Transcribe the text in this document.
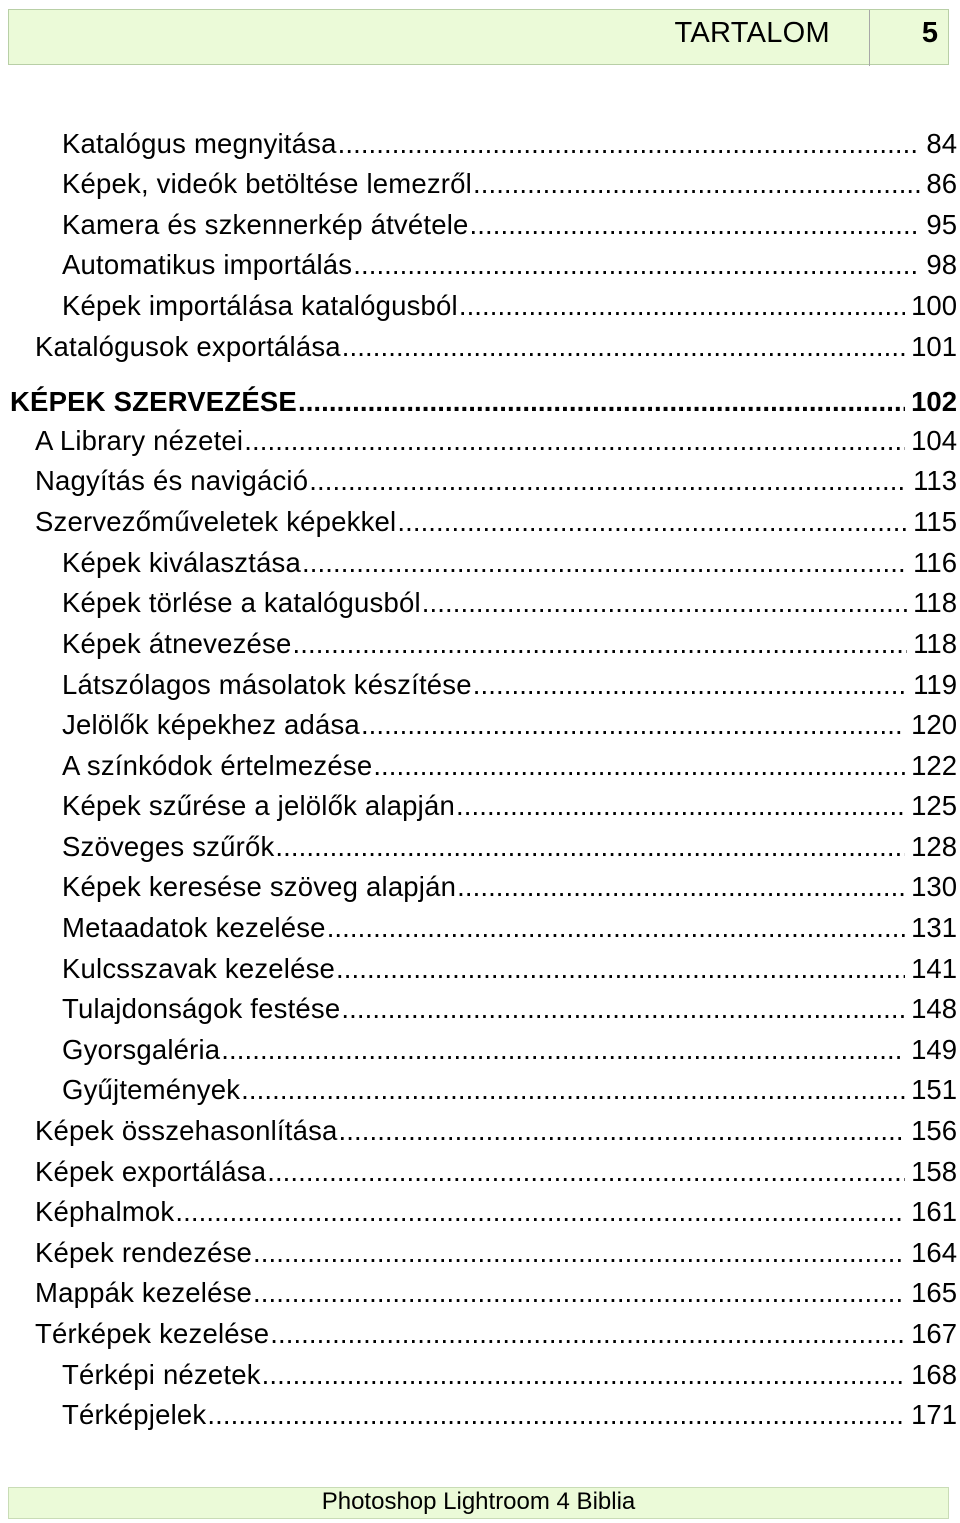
TARTALOM	5
Katalógus megnyitása .....	84
Képek, videók betöltése lemezről .....	86
Kamera és szkennerkép átvétele .....	95
Automatikus importálás .....	98
Képek importálása katalógusból .....	100
Katalógusok exportálása .....	101
KÉPEK SZERVEZÉSE .....	102
A Library nézetei .....	104
Nagyítás és navigáció .....	113
Szervezőműveletek képekkel .....	115
Képek kiválasztása .....	116
Képek törlése a katalógusból .....	118
Képek átnevezése .....	118
Látszólagos másolatok készítése .....	119
Jelölők képekhez adása .....	120
A színkódok értelmezése .....	122
Képek szűrése a jelölők alapján .....	125
Szöveges szűrők .....	128
Képek keresése szöveg alapján .....	130
Metaadatok kezelése .....	131
Kulcsszavak kezelése .....	141
Tulajdonságok festése .....	148
Gyorsgaléria .....	149
Gyűjtemények .....	151
Képek összehasonlítása .....	156
Képek exportálása .....	158
Képhalmok .....	161
Képek rendezése .....	164
Mappák kezelése .....	165
Térképek kezelése .....	167
Térképi nézetek .....	168
Térképjelek .....	171
Photoshop Lightroom 4 Biblia
